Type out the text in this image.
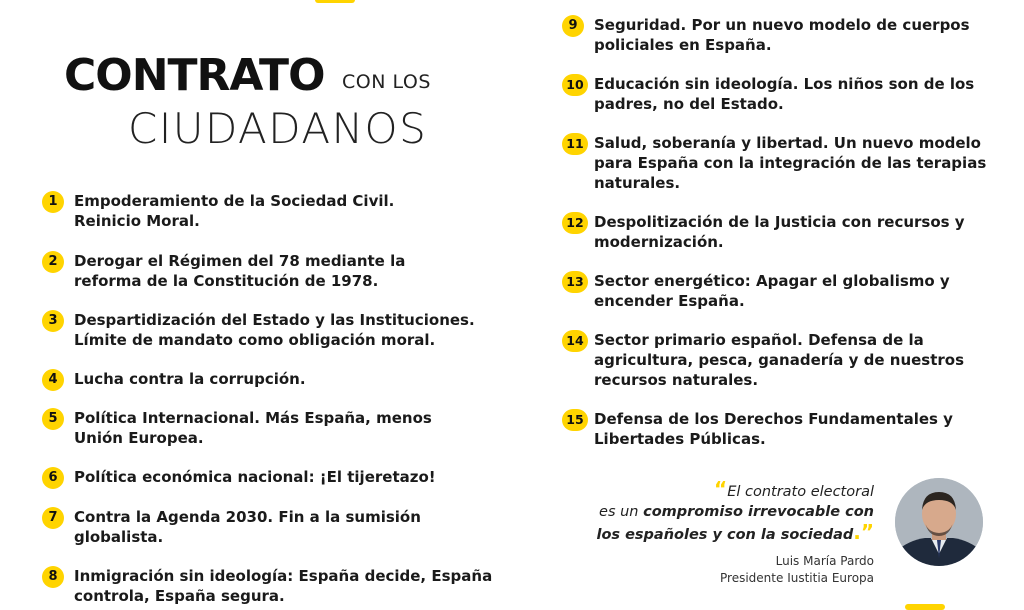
CONTRATO CON LOS
CIUDADANOS
1	Empoderamiento de la Sociedad Civil.
Reinicio Moral.
2	Derogar el Régimen del 78 mediante la
reforma de la Constitución de 1978.
3	Despartidización del Estado y las Instituciones.
Límite de mandato como obligación moral.
4	Lucha contra la corrupción.
5	Política Internacional. Más España, menos
Unión Europea.
6	Política económica nacional: ¡El tijeretazo!
7	Contra la Agenda 2030. Fin a la sumisión
globalista.
8	Inmigración sin ideología: España decide, España
controla, España segura.
9	Seguridad. Por un nuevo modelo de cuerpos
policiales en España.
10 Educación sin ideología. Los niños son de los
padres, no del Estado.
11 Salud, soberanía y libertad. Un nuevo modelo
para España con la integración de las terapias
naturales.
12 Despolitización de la Justicia con recursos y
modernización.
13 Sector energético: Apagar el globalismo y
encender España.
14 Sector primario español. Defensa de la
agricultura, pesca, ganadería y de nuestros
recursos naturales.
15 Defensa de los Derechos Fundamentales y
Libertades Públicas.
“El contrato electoral
es un compromiso irrevocable con
los españoles y con la sociedad.”
Luis María Pardo
Presidente Iustitia Europa
